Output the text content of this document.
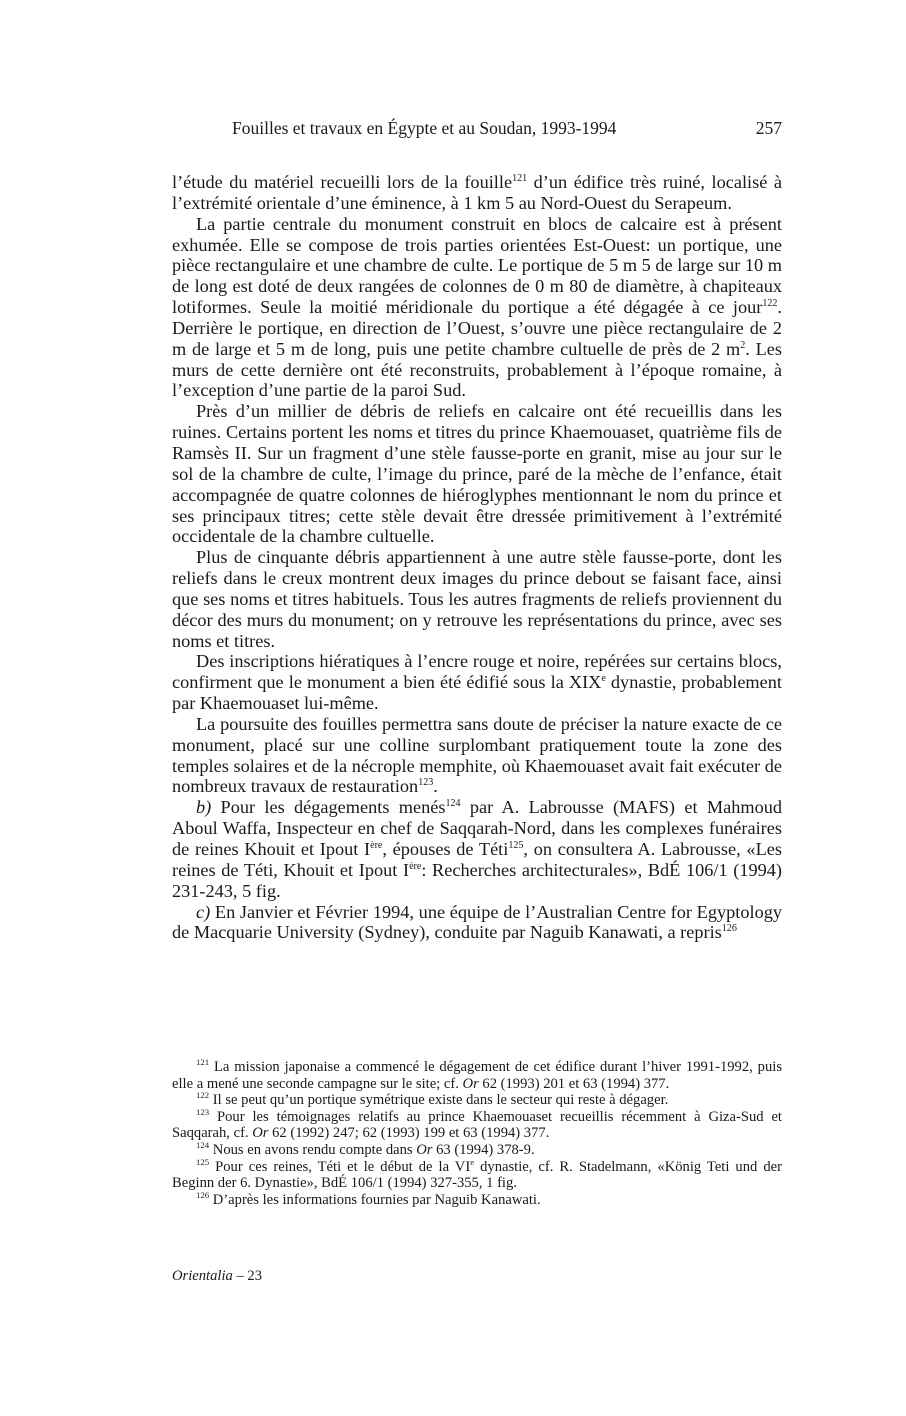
Fouilles et travaux en Égypte et au Soudan, 1993-1994	257

l’étude du matériel recueilli lors de la fouille$^{121}$ d’un édifice très ruiné, localisé à l’extrémité orientale d’une éminence, à 1 km 5 au Nord-Ouest du Serapeum.

La partie centrale du monument construit en blocs de calcaire est à présent exhumée. Elle se compose de trois parties orientées Est-Ouest: un portique, une pièce rectangulaire et une chambre de culte. Le portique de 5 m 5 de large sur 10 m de long est doté de deux rangées de colonnes de 0 m 80 de diamètre, à chapiteaux lotiformes. Seule la moitié méridionale du portique a été dégagée à ce jour$^{122}$. Derrière le portique, en direction de l’Ouest, s’ouvre une pièce rectangulaire de 2 m de large et 5 m de long, puis une petite chambre cultuelle de près de 2 $m^2$. Les murs de cette dernière ont été reconstruits, probablement à l’époque romaine, à l’exception d’une partie de la paroi Sud.

Près d’un millier de débris de reliefs en calcaire ont été recueillis dans les ruines. Certains portent les noms et titres du prince Khaemouaset, quatrième fils de Ramsès II. Sur un fragment d’une stèle fausse-porte en granit, mise au jour sur le sol de la chambre de culte, l’image du prince, paré de la mèche de l’enfance, était accompagnée de quatre colonnes de hiéroglyphes mentionnant le nom du prince et ses principaux titres; cette stèle devait être dressée primitivement à l’extrémité occidentale de la chambre cultuelle.

Plus de cinquante débris appartiennent à une autre stèle fausse-porte, dont les reliefs dans le creux montrent deux images du prince debout se faisant face, ainsi que ses noms et titres habituels. Tous les autres fragments de reliefs proviennent du décor des murs du monument; on y retrouve les représentations du prince, avec ses noms et titres.

Des inscriptions hiératiques à l’encre rouge et noire, repérées sur certains blocs, confirment que le monument a bien été édifié sous la XIXe dynastie, probablement par Khaemouaset lui-même.

La poursuite des fouilles permettra sans doute de préciser la nature exacte de ce monument, placé sur une colline surplombant pratiquement toute la zone des temples solaires et de la nécrople memphite, où Khaemouaset avait fait exécuter de nombreux travaux de restauration$^{123}$.

b) Pour les dégagements menés$^{124}$ par A. Labrousse (MAFS) et Mahmoud Aboul Waffa, Inspecteur en chef de Saqqarah-Nord, dans les complexes funéraires de reines Khouit et Ipout Ière, épouses de Téti$^{125}$, on consultera A. Labrousse, «Les reines de Téti, Khouit et Ipout Ière: Recherches architecturales», BdÉ 106/1 (1994) 231-243, 5 fig.

c) En Janvier et Février 1994, une équipe de l’Australian Centre for Egyptology de Macquarie University (Sydney), conduite par Naguib Kanawati, a repris$^{126}$

$^{121}$ La mission japonaise a commencé le dégagement de cet édifice durant l’hiver 1991-1992, puis elle a mené une seconde campagne sur le site; cf. Or 62 (1993) 201 et 63 (1994) 377.

$^{122}$ Il se peut qu’un portique symétrique existe dans le secteur qui reste à dégager.

$^{123}$ Pour les témoignages relatifs au prince Khaemouaset recueillis récemment à Giza-Sud et Saqqarah, cf. Or 62 (1992) 247; 62 (1993) 199 et 63 (1994) 377.

$^{124}$ Nous en avons rendu compte dans Or 63 (1994) 378-9.

$^{125}$ Pour ces reines, Téti et le début de la VIe dynastie, cf. R. Stadelmann, «König Teti und der Beginn der 6. Dynastie», BdÉ 106/1 (1994) 327-355, 1 fig.

$^{126}$ D’après les informations fournies par Naguib Kanawati.

Orientalia – 23
